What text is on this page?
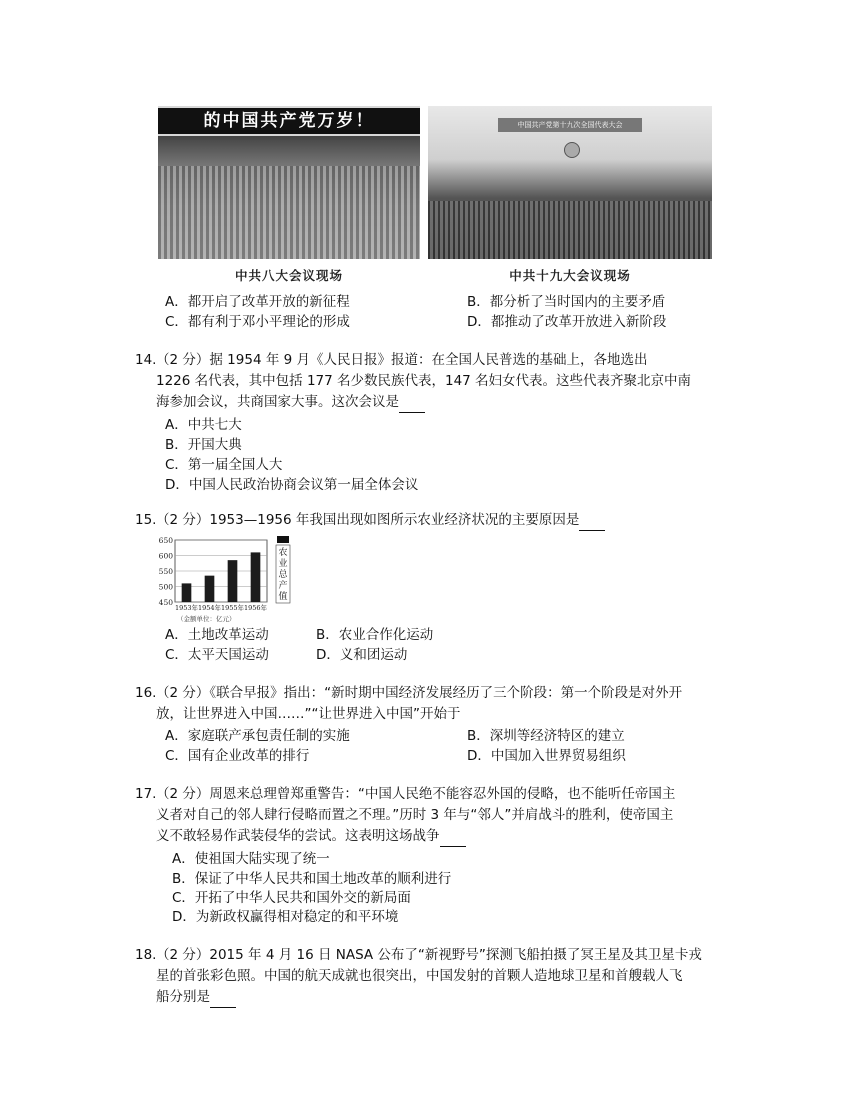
的中国共产党万岁！
中共八大会议现场
中国共产党第十九次全国代表大会
中共十九大会议现场
A．都开启了改革开放的新征程	B．都分析了当时国内的主要矛盾
C．都有利于邓小平理论的形成	D．都推动了改革开放进入新阶段
14. （2 分）据 1954 年 9 月《人民日报》报道：在全国人民普选的基础上，各地选出
1226 名代表，其中包括 177 名少数民族代表，147 名妇女代表。这些代表齐聚北京中南
海参加会议，共商国家大事。这次会议是
A．中共七大
B．开国大典
C．第一届全国人大
D．中国人民政治协商会议第一届全体会议
15. （2 分）1953—1956 年我国出现如图所示农业经济状况的主要原因是
650
600
550
500
450
1953年 1954年 1955年 1956年
（金额单位：亿元）
农
业
总
产
值
A．土地改革运动	B．农业合作化运动
C．太平天国运动	D．义和团运动
16. （2 分）《联合早报》指出：“新时期中国经济发展经历了三个阶段：第一个阶段是对外开
放，让世界进入中国……”“让世界进入中国”开始于
A．家庭联产承包责任制的实施	B．深圳等经济特区的建立
C．国有企业改革的排行	D．中国加入世界贸易组织
17. （2 分）周恩来总理曾郑重警告：“中国人民绝不能容忍外国的侵略，也不能听任帝国主
义者对自己的邻人肆行侵略而置之不理。”历时 3 年与“邻人”并肩战斗的胜利，使帝国主
义不敢轻易作武装侵华的尝试。这表明这场战争
A．使祖国大陆实现了统一
B．保证了中华人民共和国土地改革的顺利进行
C．开拓了中华人民共和国外交的新局面
D．为新政权赢得相对稳定的和平环境
18. （2 分）2015 年 4 月 16 日 NASA 公布了“新视野号”探测飞船拍摄了冥王星及其卫星卡戎
星的首张彩色照。中国的航天成就也很突出，中国发射的首颗人造地球卫星和首艘载人飞
船分别是
